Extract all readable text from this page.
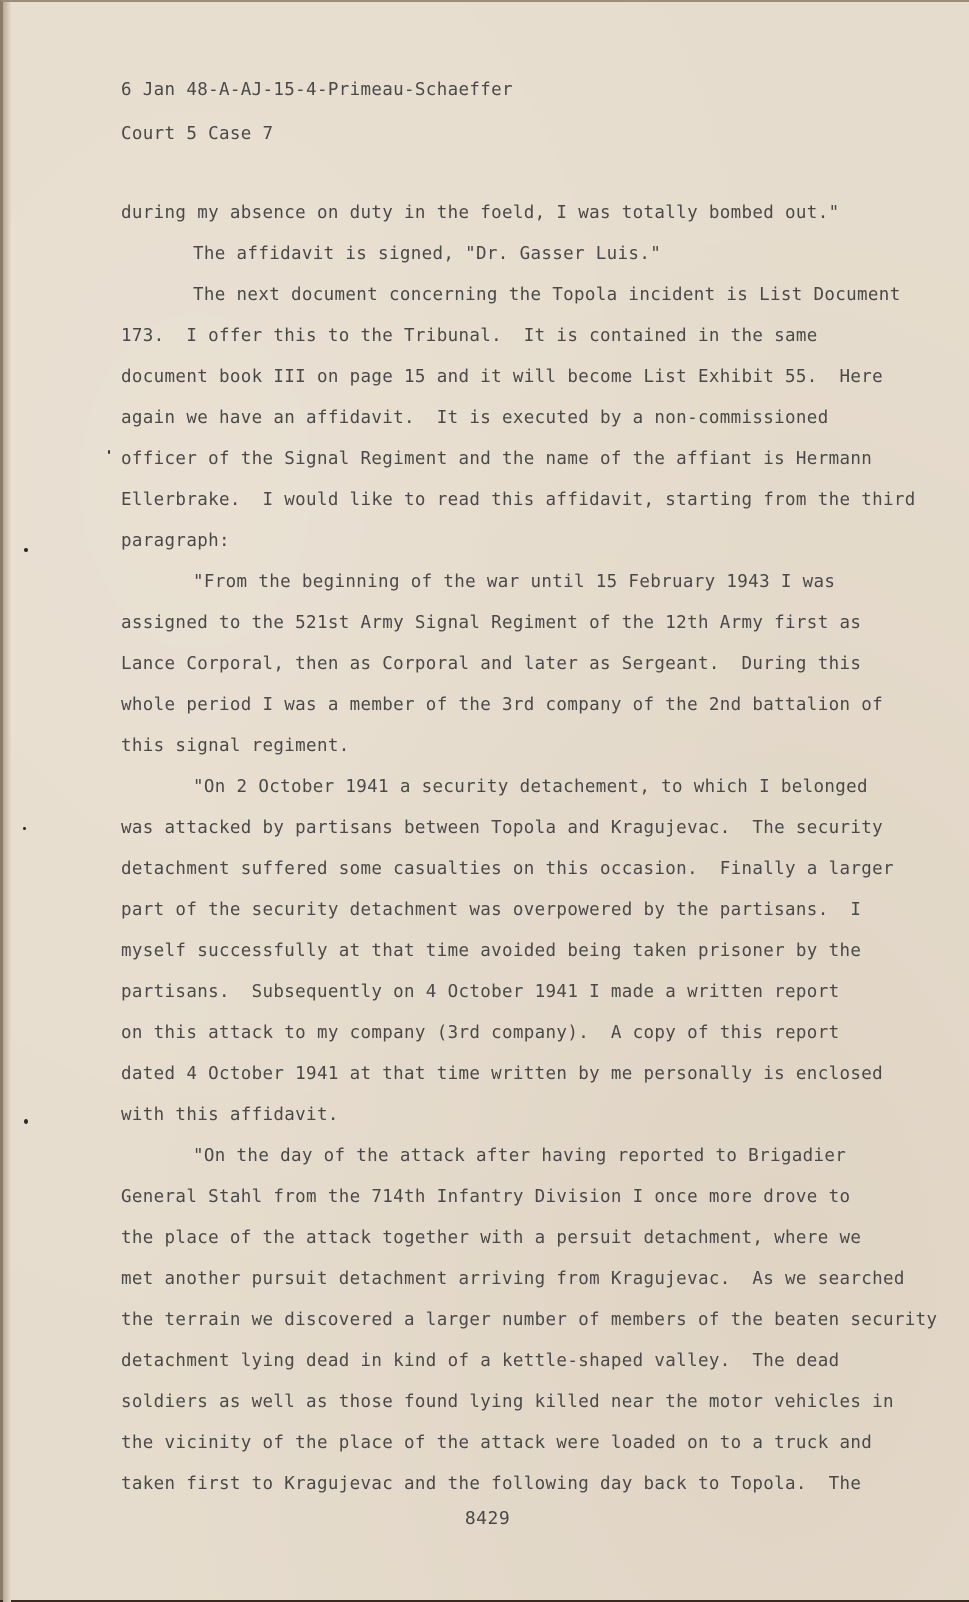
6 Jan 48-A-AJ-15-4-Primeau-Schaeffer

Court 5 Case 7

during my absence on duty in the foeld, I was totally bombed out."

The affidavit is signed, "Dr. Gasser Luis."

The next document concerning the Topola incident is List Document

173.  I offer this to the Tribunal.  It is contained in the same

document book III on page 15 and it will become List Exhibit 55.  Here

again we have an affidavit.  It is executed by a non-commissioned

officer of the Signal Regiment and the name of the affiant is Hermann

Ellerbrake.  I would like to read this affidavit, starting from the third

paragraph:

"From the beginning of the war until 15 February 1943 I was

assigned to the 521st Army Signal Regiment of the 12th Army first as

Lance Corporal, then as Corporal and later as Sergeant.  During this

whole period I was a member of the 3rd company of the 2nd battalion of

this signal regiment.

"On 2 October 1941 a security detachement, to which I belonged

was attacked by partisans between Topola and Kragujevac.  The security

detachment suffered some casualties on this occasion.  Finally a larger

part of the security detachment was overpowered by the partisans.  I

myself successfully at that time avoided being taken prisoner by the

partisans.  Subsequently on 4 October 1941 I made a written report

on this attack to my company (3rd company).  A copy of this report

dated 4 October 1941 at that time written by me personally is enclosed

with this affidavit.

"On the day of the attack after having reported to Brigadier

General Stahl from the 714th Infantry Division I once more drove to

the place of the attack together with a persuit detachment, where we

met another pursuit detachment arriving from Kragujevac.  As we searched

the terrain we discovered a larger number of members of the beaten security

detachment lying dead in kind of a kettle-shaped valley.  The dead

soldiers as well as those found lying killed near the motor vehicles in

the vicinity of the place of the attack were loaded on to a truck and

taken first to Kragujevac and the following day back to Topola.  The

8429
